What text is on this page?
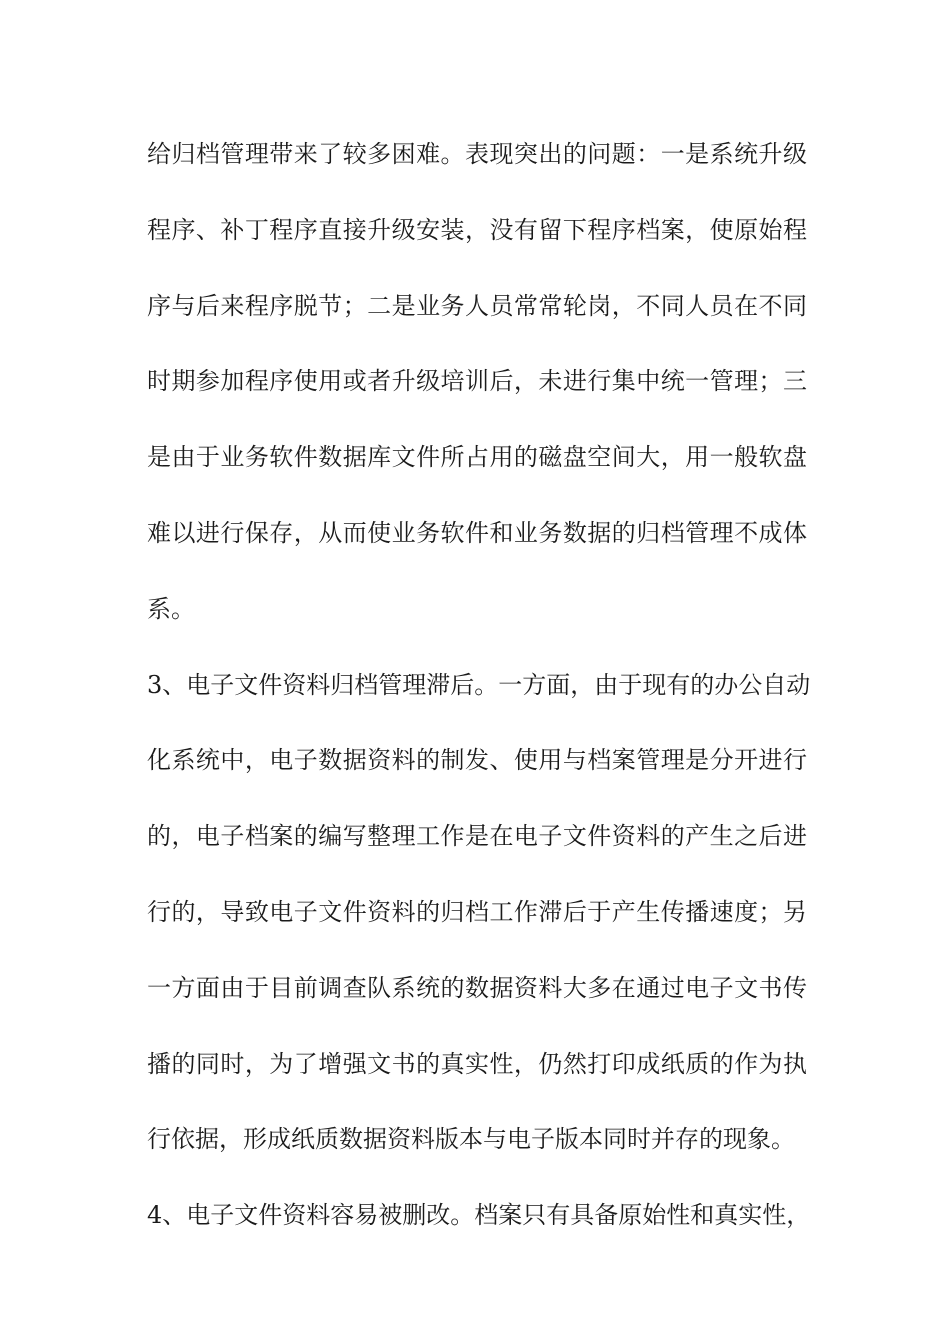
给归档管理带来了较多困难。表现突出的问题：一是系统升级
程序、补丁程序直接升级安装，没有留下程序档案，使原始程
序与后来程序脱节；二是业务人员常常轮岗，不同人员在不同
时期参加程序使用或者升级培训后，未进行集中统一管理；三
是由于业务软件数据库文件所占用的磁盘空间大，用一般软盘
难以进行保存，从而使业务软件和业务数据的归档管理不成体
系。
3、电子文件资料归档管理滞后。一方面，由于现有的办公自动
化系统中，电子数据资料的制发、使用与档案管理是分开进行
的，电子档案的编写整理工作是在电子文件资料的产生之后进
行的，导致电子文件资料的归档工作滞后于产生传播速度；另
一方面由于目前调查队系统的数据资料大多在通过电子文书传
播的同时，为了增强文书的真实性，仍然打印成纸质的作为执
行依据，形成纸质数据资料版本与电子版本同时并存的现象。
4、电子文件资料容易被删改。档案只有具备原始性和真实性，
